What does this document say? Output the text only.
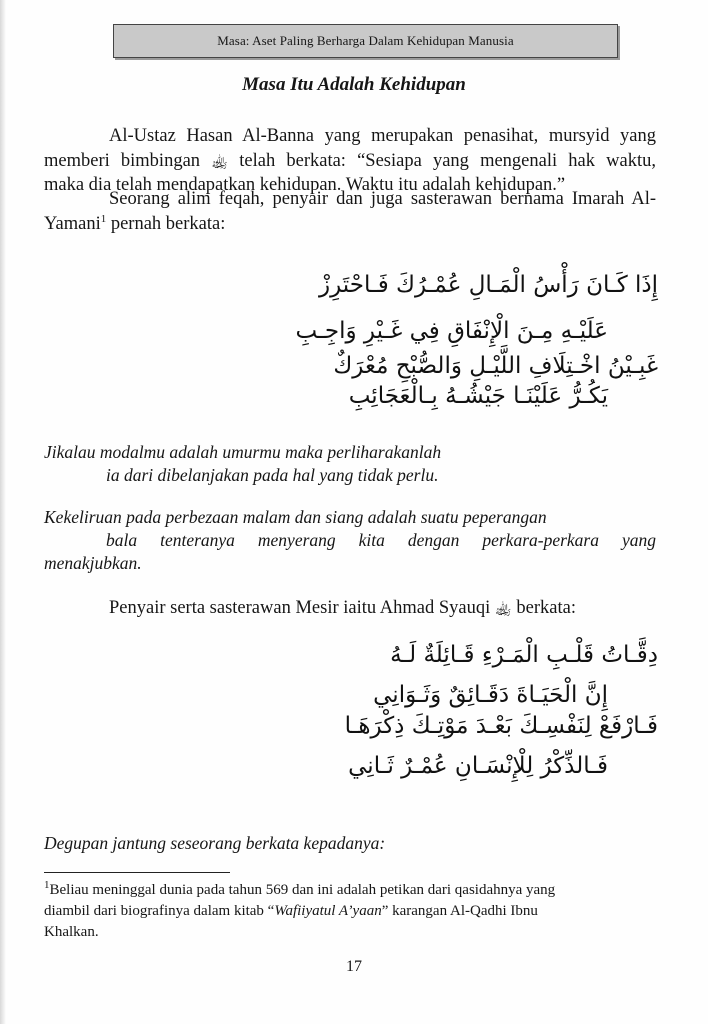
Masa: Aset Paling Berharga Dalam Kehidupan Manusia
Masa Itu Adalah Kehidupan
Al-Ustaz Hasan Al-Banna yang merupakan penasihat, mursyid yang
memberi bimbingan ﵀ telah berkata: “Sesiapa yang mengenali hak waktu,
maka dia telah mendapatkan kehidupan. Waktu itu adalah kehidupan.”
Seorang alim feqah, penyair dan juga sasterawan bernama Imarah Al-
Yamani$^1$ pernah berkata:
إِذَا كَـانَ رَأْسُ الْمَـالِ عُمْـرُكَ فَـاحْتَرِزْ
عَلَيْـهِ مِـنَ الْإِنْفَاقِ فِي غَـيْرِ وَاجِـبِ
غَبِـيْنُ اخْـتِلَافِ اللَّيْـلِ وَالصُّبْحِ مُعْرَكٌ
يَكُـرُّ عَلَيْنَـا جَيْشُـهُ بِـالْعَجَائِبِ
Jikalau modalmu adalah umurmu maka perliharakanlah
ia dari dibelanjakan pada hal yang tidak perlu.
Kekeliruan pada perbezaan malam dan siang adalah suatu peperangan
bala tenteranya menyerang kita dengan perkara-perkara yang
menakjubkan.
Penyair serta sasterawan Mesir iaitu Ahmad Syauqi ﵀ berkata:
دِقَّـاتُ قَلْـبِ الْمَـرْءِ قَـائِلَةٌ لَـهُ
إِنَّ الْحَيَـاةَ دَقَـائِقٌ وَثَـوَانِي
فَـارْفَعْ لِنَفْسِـكَ بَعْـدَ مَوْتِـكَ ذِكْرَهَـا
فَـالذِّكْرُ لِلْإِنْسَـانِ عُمْـرٌ ثَـانِي
Degupan jantung seseorang berkata kepadanya:
$^1$Beliau meninggal dunia pada tahun 569 dan ini adalah petikan dari qasidahnya yang
diambil dari biografinya dalam kitab “Wafiiyatul A’yaan” karangan Al-Qadhi Ibnu
Khalkan.
17
